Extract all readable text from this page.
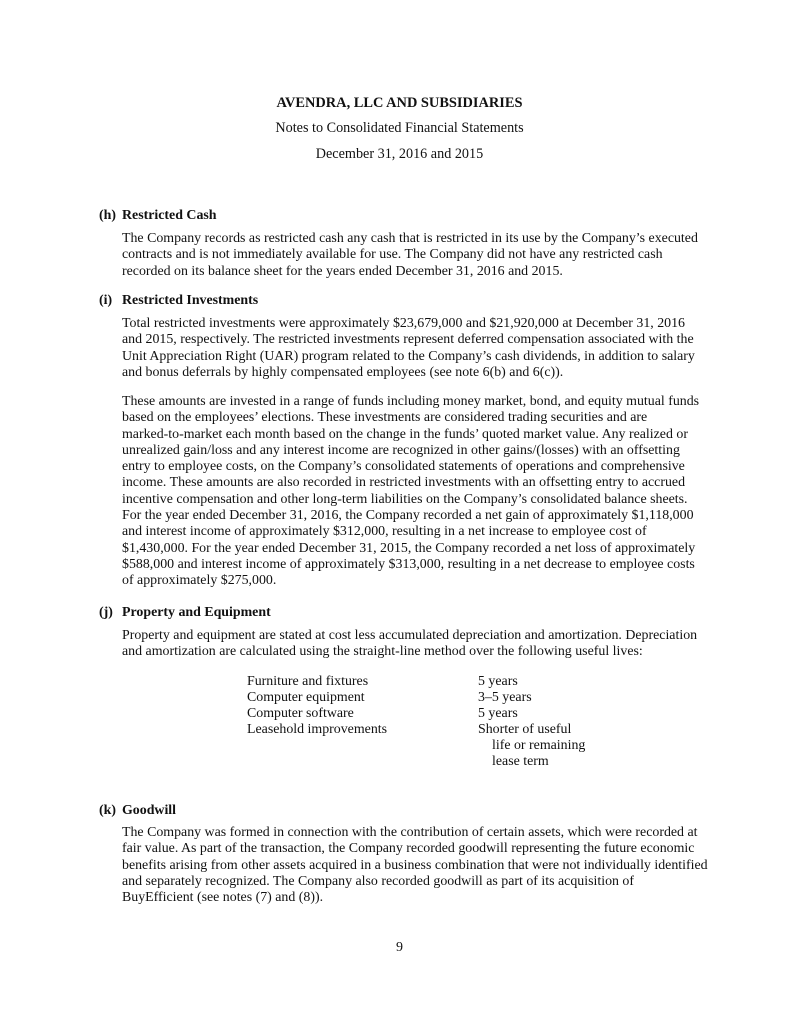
AVENDRA, LLC AND SUBSIDIARIES
Notes to Consolidated Financial Statements
December 31, 2016 and 2015
(h) Restricted Cash
The Company records as restricted cash any cash that is restricted in its use by the Company’s executed
contracts and is not immediately available for use. The Company did not have any restricted cash
recorded on its balance sheet for the years ended December 31, 2016 and 2015.
(i) Restricted Investments
Total restricted investments were approximately $23,679,000 and $21,920,000 at December 31, 2016
and 2015, respectively. The restricted investments represent deferred compensation associated with the
Unit Appreciation Right (UAR) program related to the Company’s cash dividends, in addition to salary
and bonus deferrals by highly compensated employees (see note 6(b) and 6(c)).
These amounts are invested in a range of funds including money market, bond, and equity mutual funds
based on the employees’ elections. These investments are considered trading securities and are
marked-to-market each month based on the change in the funds’ quoted market value. Any realized or
unrealized gain/loss and any interest income are recognized in other gains/(losses) with an offsetting
entry to employee costs, on the Company’s consolidated statements of operations and comprehensive
income. These amounts are also recorded in restricted investments with an offsetting entry to accrued
incentive compensation and other long-term liabilities on the Company’s consolidated balance sheets.
For the year ended December 31, 2016, the Company recorded a net gain of approximately $1,118,000
and interest income of approximately $312,000, resulting in a net increase to employee cost of
$1,430,000. For the year ended December 31, 2015, the Company recorded a net loss of approximately
$588,000 and interest income of approximately $313,000, resulting in a net decrease to employee costs
of approximately $275,000.
(j) Property and Equipment
Property and equipment are stated at cost less accumulated depreciation and amortization. Depreciation
and amortization are calculated using the straight-line method over the following useful lives:
Furniture and fixtures	5 years
Computer equipment	3–5 years
Computer software	5 years
Leasehold improvements	Shorter of useful
life or remaining
lease term
(k) Goodwill
The Company was formed in connection with the contribution of certain assets, which were recorded at
fair value. As part of the transaction, the Company recorded goodwill representing the future economic
benefits arising from other assets acquired in a business combination that were not individually identified
and separately recognized. The Company also recorded goodwill as part of its acquisition of
BuyEfficient (see notes (7) and (8)).
9
